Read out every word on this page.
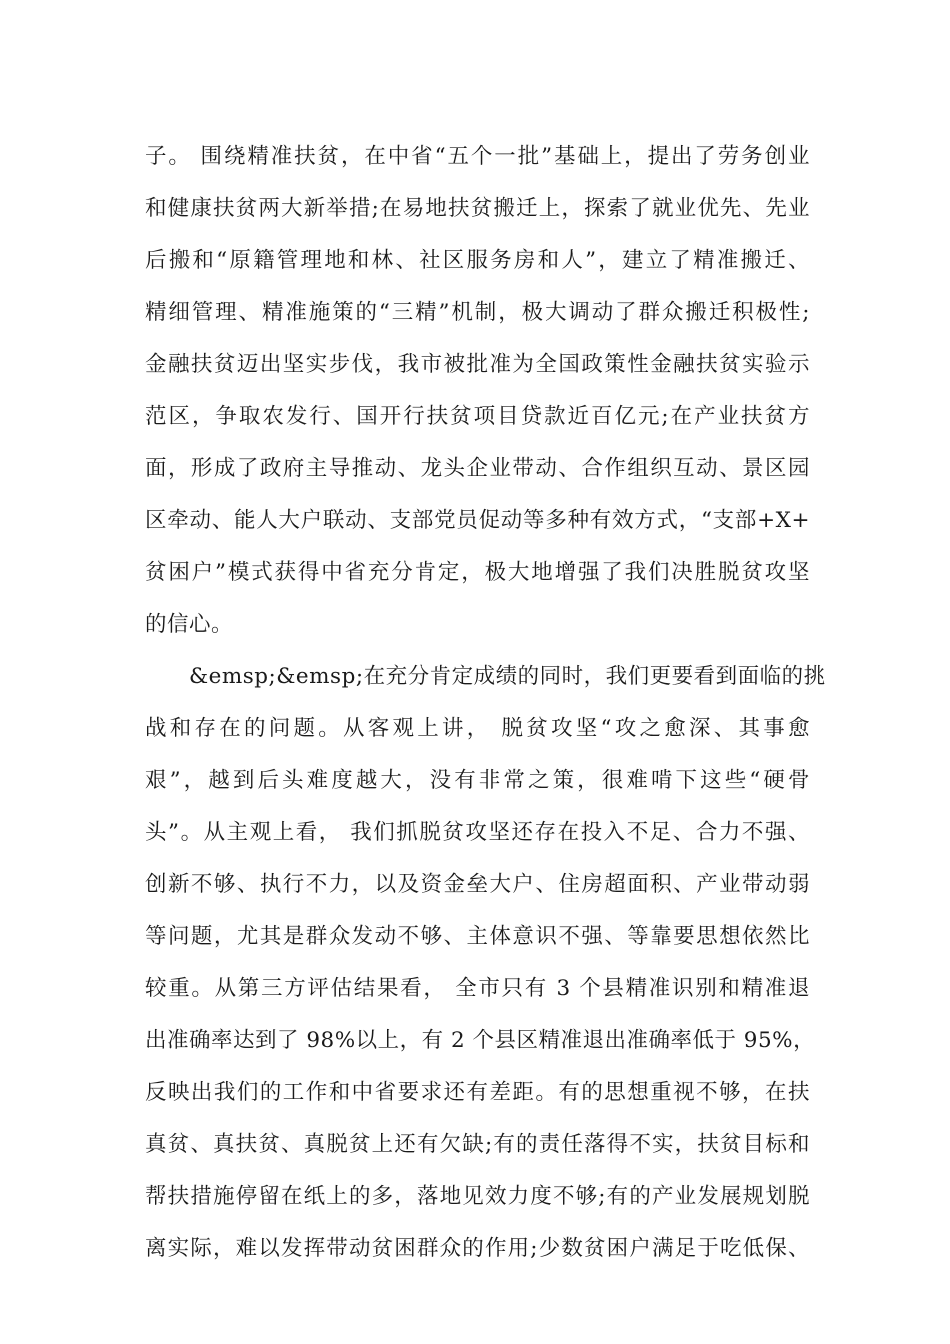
子。 围绕精准扶贫，在中省“五个一批”基础上，提出了劳务创业
和健康扶贫两大新举措;在易地扶贫搬迁上，探索了就业优先、先业
后搬和“原籍管理地和林、社区服务房和人”，建立了精准搬迁、
精细管理、精准施策的“三精”机制，极大调动了群众搬迁积极性;
金融扶贫迈出坚实步伐，我市被批准为全国政策性金融扶贫实验示
范区，争取农发行、国开行扶贫项目贷款近百亿元;在产业扶贫方
面，形成了政府主导推动、龙头企业带动、合作组织互动、景区园
区牵动、能人大户联动、支部党员促动等多种有效方式，“支部+X+
贫困户”模式获得中省充分肯定，极大地增强了我们决胜脱贫攻坚
的信心。
&emsp;&emsp;在充分肯定成绩的同时，我们更要看到面临的挑
战和存在的问题。从客观上讲， 脱贫攻坚“攻之愈深、其事愈
艰”，越到后头难度越大，没有非常之策，很难啃下这些“硬骨
头”。从主观上看， 我们抓脱贫攻坚还存在投入不足、合力不强、
创新不够、执行不力，以及资金垒大户、住房超面积、产业带动弱
等问题，尤其是群众发动不够、主体意识不强、等靠要思想依然比
较重。从第三方评估结果看， 全市只有 3 个县精准识别和精准退
出准确率达到了 98%以上，有 2 个县区精准退出准确率低于 95%，
反映出我们的工作和中省要求还有差距。有的思想重视不够，在扶
真贫、真扶贫、真脱贫上还有欠缺;有的责任落得不实，扶贫目标和
帮扶措施停留在纸上的多，落地见效力度不够;有的产业发展规划脱
离实际，难以发挥带动贫困群众的作用;少数贫困户满足于吃低保、
